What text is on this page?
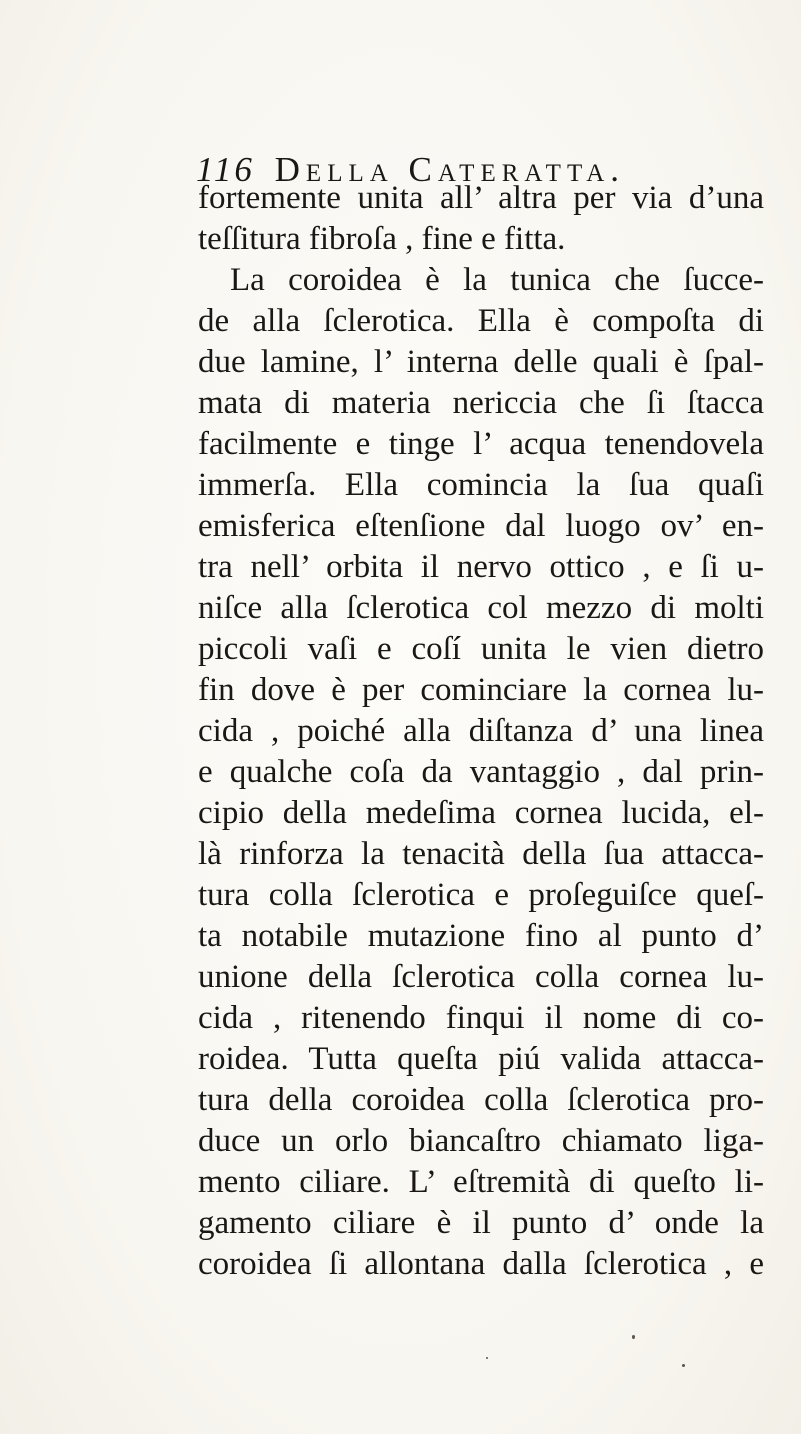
116 Della Cateratta.
fortemente unita all’ altra per via d’una
teſſitura fibroſa , fine e fitta.
La coroidea è la tunica che ſucce-
de alla ſclerotica. Ella è compoſta di
due lamine, l’ interna delle quali è ſpal-
mata di materia nericcia che ſi ſtacca
facilmente e tinge l’ acqua tenendovela
immerſa. Ella comincia la ſua quaſi
emisferica eſtenſione dal luogo ov’ en-
tra nell’ orbita il nervo ottico , e ſi u-
niſce alla ſclerotica col mezzo di molti
piccoli vaſi e coſí unita le vien dietro
fin dove è per cominciare la cornea lu-
cida , poiché alla diſtanza d’ una linea
e qualche coſa da vantaggio , dal prin-
cipio della medeſima cornea lucida, el-
là rinforza la tenacità della ſua attacca-
tura colla ſclerotica e proſeguiſce queſ-
ta notabile mutazione fino al punto d’
unione della ſclerotica colla cornea lu-
cida , ritenendo finqui il nome di co-
roidea. Tutta queſta piú valida attacca-
tura della coroidea colla ſclerotica pro-
duce un orlo biancaſtro chiamato liga-
mento ciliare. L’ eſtremità di queſto li-
gamento ciliare è il punto d’ onde la
coroidea ſi allontana dalla ſclerotica , e
